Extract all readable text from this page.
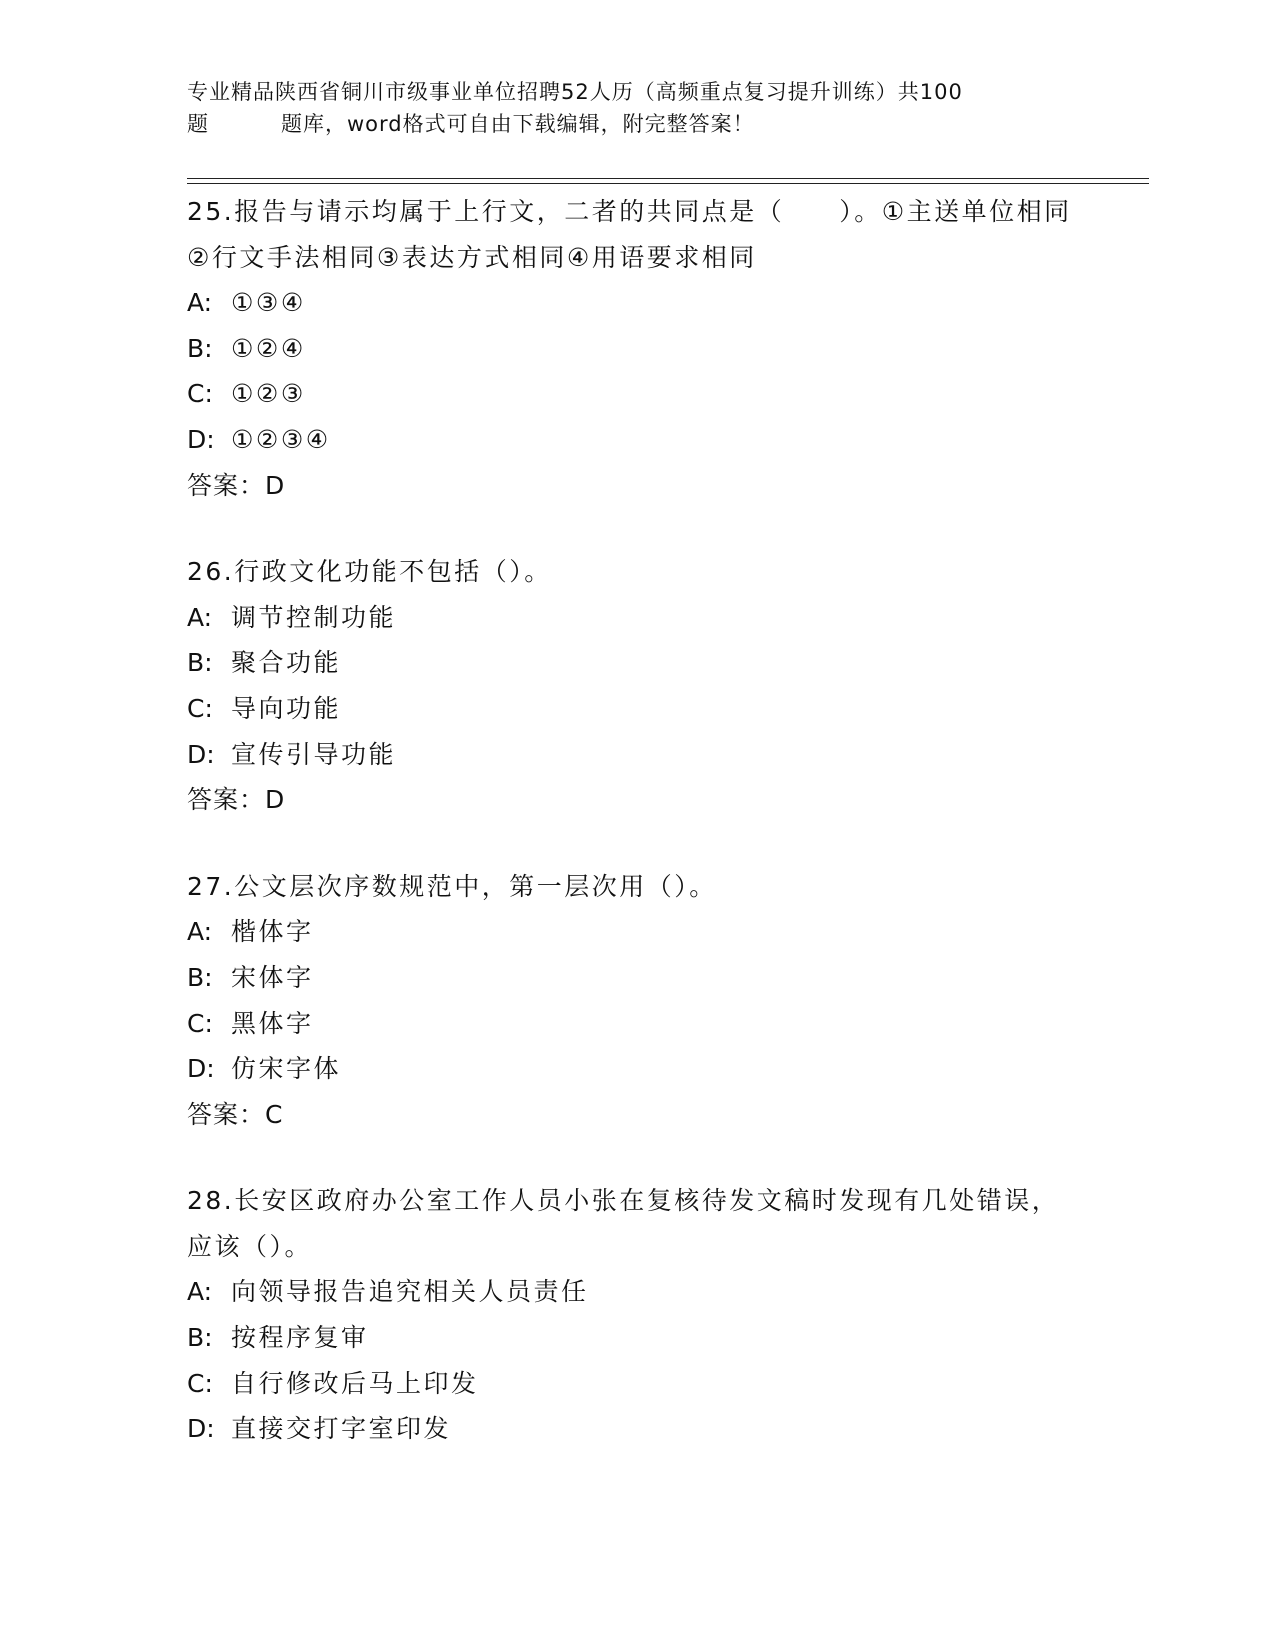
专业精品陕西省铜川市级事业单位招聘52人历（高频重点复习提升训练）共100
题	题库，word格式可自由下载编辑，附完整答案！
25.报告与请示均属于上行文，二者的共同点是（　　）。①主送单位相同②行文手法相同③表达方式相同④用语要求相同
A: ①③④
B: ①②④
C: ①②③
D: ①②③④
答案：D
26.行政文化功能不包括（）。
A: 调节控制功能
B: 聚合功能
C: 导向功能
D: 宣传引导功能
答案：D
27.公文层次序数规范中，第一层次用（）。
A: 楷体字
B: 宋体字
C: 黑体字
D: 仿宋字体
答案：C
28.长安区政府办公室工作人员小张在复核待发文稿时发现有几处错误，应该（）。
A: 向领导报告追究相关人员责任
B: 按程序复审
C: 自行修改后马上印发
D: 直接交打字室印发
